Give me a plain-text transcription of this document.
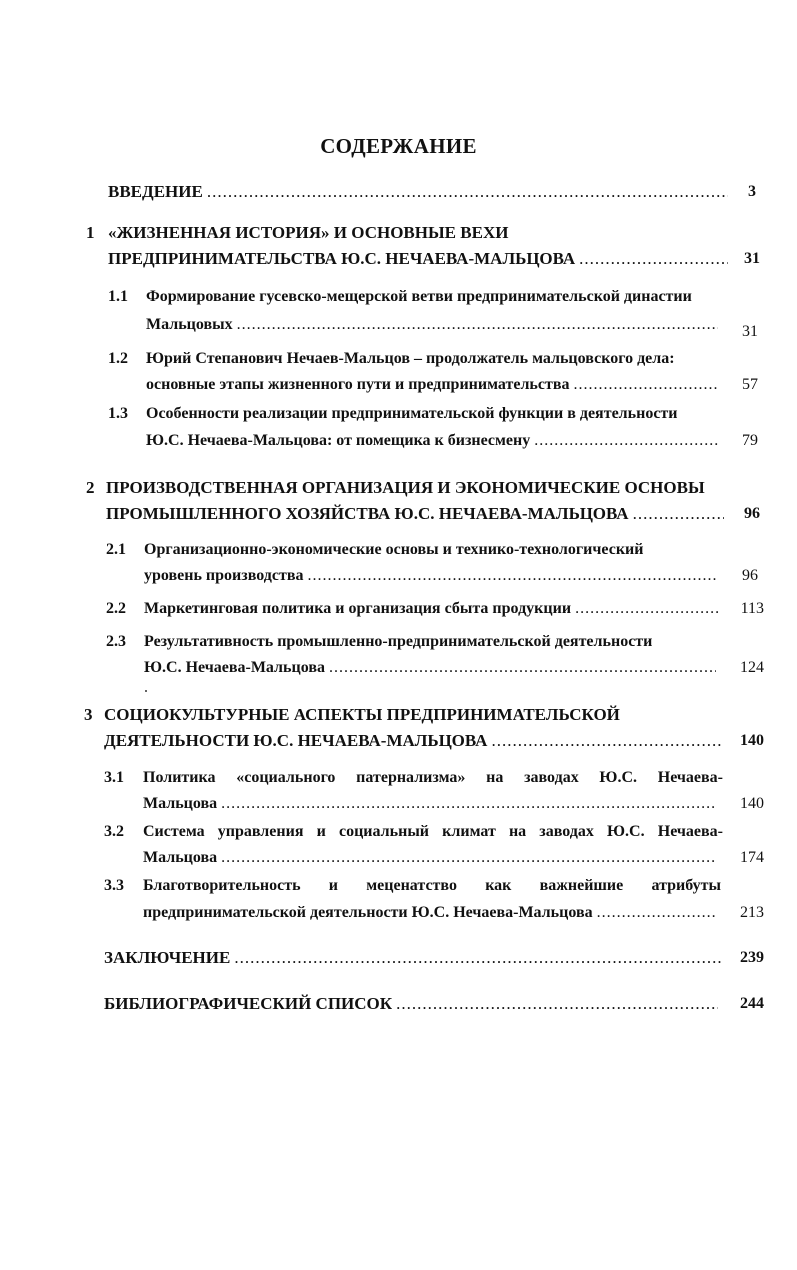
СОДЕРЖАНИЕ
ВВЕДЕНИЕ .....	3
1 «ЖИЗНЕННАЯ ИСТОРИЯ» И ОСНОВНЫЕ ВЕХИ
ПРЕДПРИНИМАТЕЛЬСТВА Ю.С. НЕЧАЕВА-МАЛЬЦОВА .....	31
1.1 Формирование гусевско-мещерской ветви предпринимательской династии
Мальцовых .....	31
1.2 Юрий Степанович Нечаев-Мальцов – продолжатель мальцовского дела:
основные этапы жизненного пути и предпринимательства .....	57
1.3 Особенности реализации предпринимательской функции в деятельности
Ю.С. Нечаева-Мальцова: от помещика к бизнесмену .....	79
2 ПРОИЗВОДСТВЕННАЯ ОРГАНИЗАЦИЯ И ЭКОНОМИЧЕСКИЕ ОСНОВЫ
ПРОМЫШЛЕННОГО ХОЗЯЙСТВА Ю.С. НЕЧАЕВА-МАЛЬЦОВА .....	96
2.1 Организационно-экономические основы и технико-технологический
уровень производства .....	96
2.2 Маркетинговая политика и организация сбыта продукции .....	113
2.3 Результативность промышленно-предпринимательской деятельности
Ю.С. Нечаева-Мальцова .....	124
3 СОЦИОКУЛЬТУРНЫЕ АСПЕКТЫ ПРЕДПРИНИМАТЕЛЬСКОЙ
ДЕЯТЕЛЬНОСТИ Ю.С. НЕЧАЕВА-МАЛЬЦОВА .....	140
3.1 Политика «социального патернализма» на заводах Ю.С. Нечаева-
Мальцова .....	140
3.2 Система управления и социальный климат на заводах Ю.С. Нечаева-
Мальцова .....	174
3.3 Благотворительность и меценатство как важнейшие атрибуты
предпринимательской деятельности Ю.С. Нечаева-Мальцова .....	213
ЗАКЛЮЧЕНИЕ .....	239
БИБЛИОГРАФИЧЕСКИЙ СПИСОК .....	244
